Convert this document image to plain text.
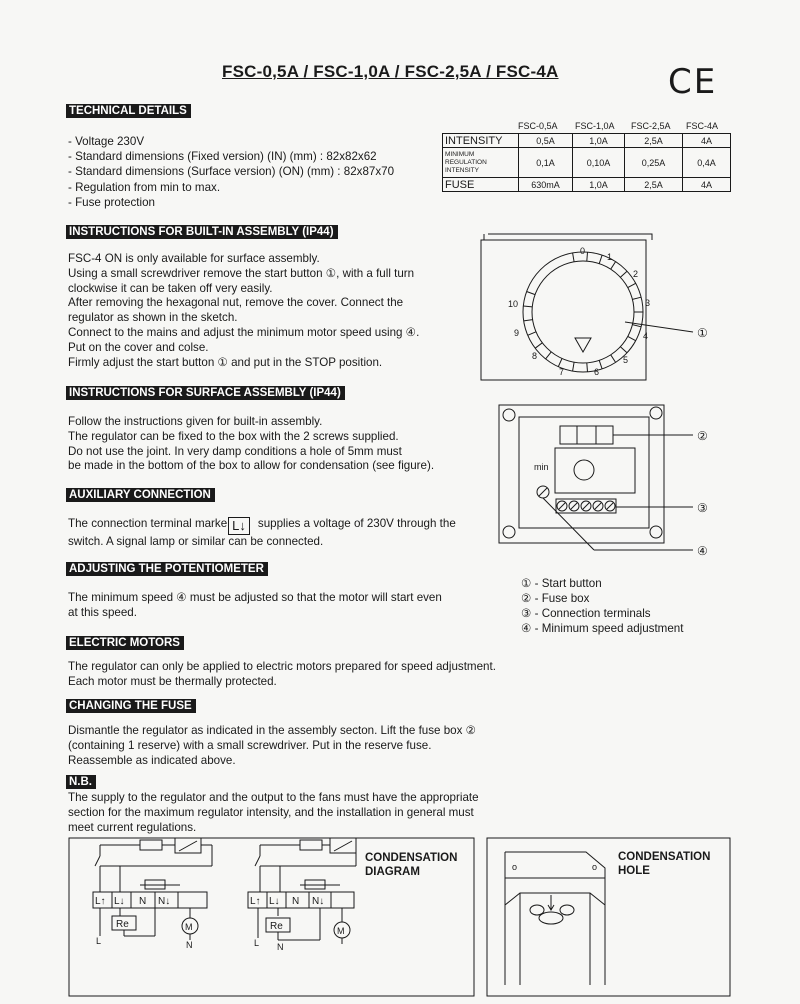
FSC-0,5A / FSC-1,0A / FSC-2,5A / FSC-4A	CE
TECHNICAL DETAILS

- Voltage 230V

- Standard dimensions (Fixed version) (IN) (mm) : 82x82x62

- Standard dimensions (Surface version) (ON) (mm) : 82x87x70

- Regulation from min to max.

- Fuse protection

FSC-0,5A FSC-1,0A FSC-2,5A FSC-4A
INTENSITY	0,5A	1,0A	2,5A	4A

MINIMUM
REGULATION
INTENSITY	0,1A	0,10A	0,25A	0,4A
FUSE	630mA	1,0A	2,5A	4A
INSTRUCTIONS FOR BUILT-IN ASSEMBLY (IP44)

FSC-4 ON is only available for surface assembly.

Using a small screwdriver remove the start button ①, with a full turn

clockwise it can be taken off very easily.

After removing the hexagonal nut, remove the cover. Connect the

regulator as shown in the sketch.

Connect to the mains and adjust the minimum motor speed using ④.

Put on the cover and colse.

Firmly adjust the start button ① and put in the STOP position.

INSTRUCTIONS FOR SURFACE ASSEMBLY (IP44)

Follow the instructions given for built-in assembly.

The regulator can be fixed to the box with the 2 screws supplied.

Do not use the joint. In very damp conditions a hole of 5mm must

be made in the bottom of the box to allow for condensation (see figure).

AUXILIARY CONNECTION

The connection terminal marke L↓ supplies a voltage of 230V through the

switch. A signal lamp or similar can be connected.

ADJUSTING THE POTENTIOMETER

The minimum speed ④ must be adjusted so that the motor will start even

at this speed.

ELECTRIC MOTORS

The regulator can only be applied to electric motors prepared for speed adjustment.

Each motor must be thermally protected.

CHANGING THE FUSE

Dismantle the regulator as indicated in the assembly secton. Lift the fuse box ②

(containing 1 reserve) with a small screwdriver. Put in the reserve fuse.

Reassemble as indicated above.

N.B.

The supply to the regulator and the output to the fans must have the appropriate

section for the maximum regulator intensity, and the installation in general must

meet current regulations.

① - Start button

② - Fuse box

③ - Connection terminals

④ - Minimum speed adjustment

CONDENSATION
DIAGRAM
CONDENSATION
HOLE
0
1
2
3
4
5
6
7
8
9
10
①
②
③
④
min
L↑ L↓ N N↓
Re	M
L	N
L↑ L↓ N N↓
Re	M
L N
o	o
